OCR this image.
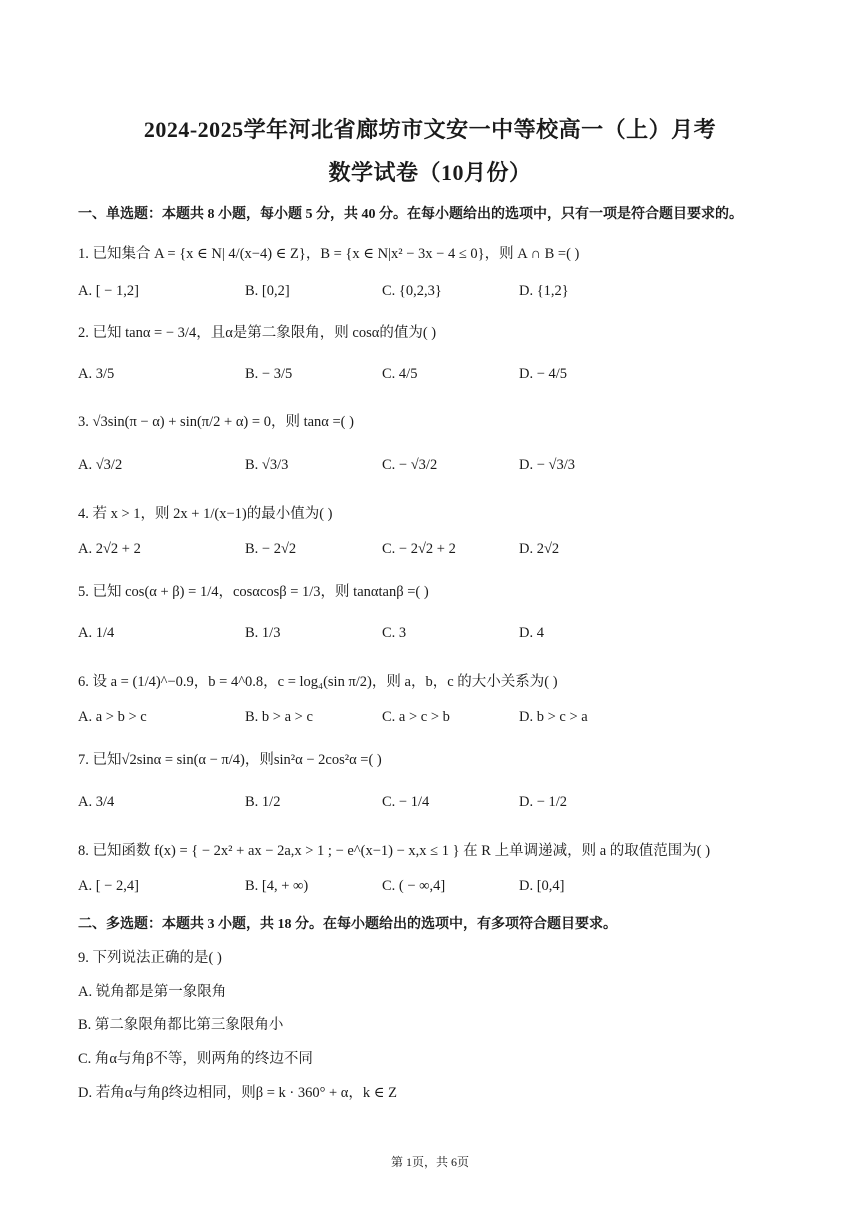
2024-2025学年河北省廊坊市文安一中等校高一（上）月考
数学试卷（10月份）
一、单选题：本题共 8 小题，每小题 5 分，共 40 分。在每小题给出的选项中，只有一项是符合题目要求的。
1. 已知集合 A = {x ∈ N| 4/(x−4) ∈ Z}，B = {x ∈ N|x² − 3x − 4 ≤ 0}，则 A ∩ B =( )
A. [ − 1,2]	B. [0,2]	C. {0,2,3}	D. {1,2}
2. 已知 tanα = − 3/4，且α是第二象限角，则 cosα的值为( )
A. 3/5	B. − 3/5	C. 4/5	D. − 4/5
3. √3sin(π − α) + sin(π/2 + α) = 0，则 tanα =( )
A. √3/2	B. √3/3	C. − √3/2	D. − √3/3
4. 若 x > 1，则 2x + 1/(x−1)的最小值为( )
A. 2√2 + 2	B. − 2√2	C. − 2√2 + 2	D. 2√2
5. 已知 cos(α + β) = 1/4，cosαcosβ = 1/3，则 tanαtanβ =( )
A. 1/4	B. 1/3	C. 3	D. 4
6. 设 a = (1/4)^−0.9，b = 4^0.8，c = log₄(sin π/2)，则 a，b，c 的大小关系为( )
A. a > b > c	B. b > a > c	C. a > c > b	D. b > c > a
7. 已知√2sinα = sin(α − π/4)，则sin²α − 2cos²α =( )
A. 3/4	B. 1/2	C. − 1/4	D. − 1/2
8. 已知函数 f(x) = { − 2x² + ax − 2a,x > 1 ; − e^(x−1) − x,x ≤ 1 } 在 R 上单调递减，则 a 的取值范围为( )
A. [ − 2,4]	B. [4, + ∞)	C. ( − ∞,4]	D. [0,4]
二、多选题：本题共 3 小题，共 18 分。在每小题给出的选项中，有多项符合题目要求。
9. 下列说法正确的是( )
A. 锐角都是第一象限角
B. 第二象限角都比第三象限角小
C. 角α与角β不等，则两角的终边不同
D. 若角α与角β终边相同，则β = k · 360° + α，k ∈ Z
第 1页，共 6页
